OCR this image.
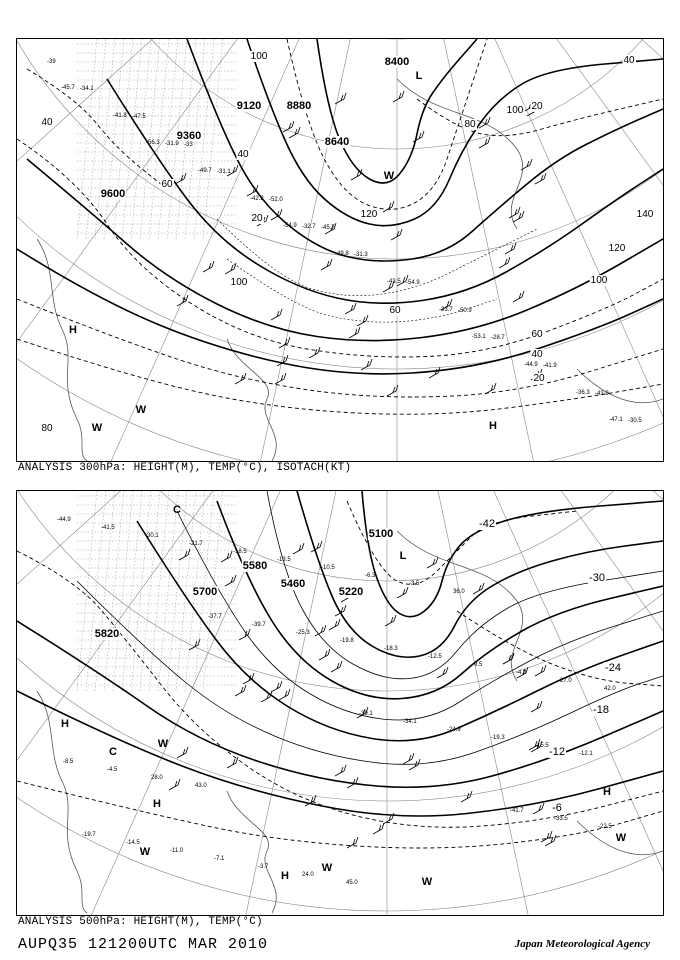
8400
9120 8880
8640
9360
9600
100
40
60
40
80
100
140
120
100
60
40
20
40
20
80
100
60
120
20
L
H
H
W
W
W
-39
-33
-45.7
-50.9
-43.9
-47.5
-52.0
-54.9
-41.9
-34.1
-31.1
-31.3
-28.7
-30.5
-31.9
-32.7
-33.7
-36.3
-41.8
-42.2
-43.5
-44.9
-45.7
-49.7
-49.8
-53.1
-47.1
-56.3
-54.9
ANALYSIS 300hPa: HEIGHT(M), TEMP(°C), ISOTACH(KT)
5100
5700
5580
5460
5220
5820
-42
-30
-24
-18
-12
-6
L
C
H
H
H
H
W
W
W
W
W
C
-44.9
-37.7
-39.1
-41.7
-41.5
-39.7
-34.1
-33.5
-30.1
-25.3
-24.9
-22.5
-21.7
-19.8
-19.3
-19.7
-18.5
-18.3
-15.5
-14.5
-13.5
-12.5
-12.1
-11.0
-10.5
-9.5
-8.5
-7.1
-6.3
-4.9
-4.5
-3.7
-3.5
27.0
28.0
24.0
36.0
42.0
43.0
45.0
ANALYSIS 500hPa: HEIGHT(M), TEMP(°C)
AUPQ35 121200UTC MAR 2010	Japan Meteorological Agency
